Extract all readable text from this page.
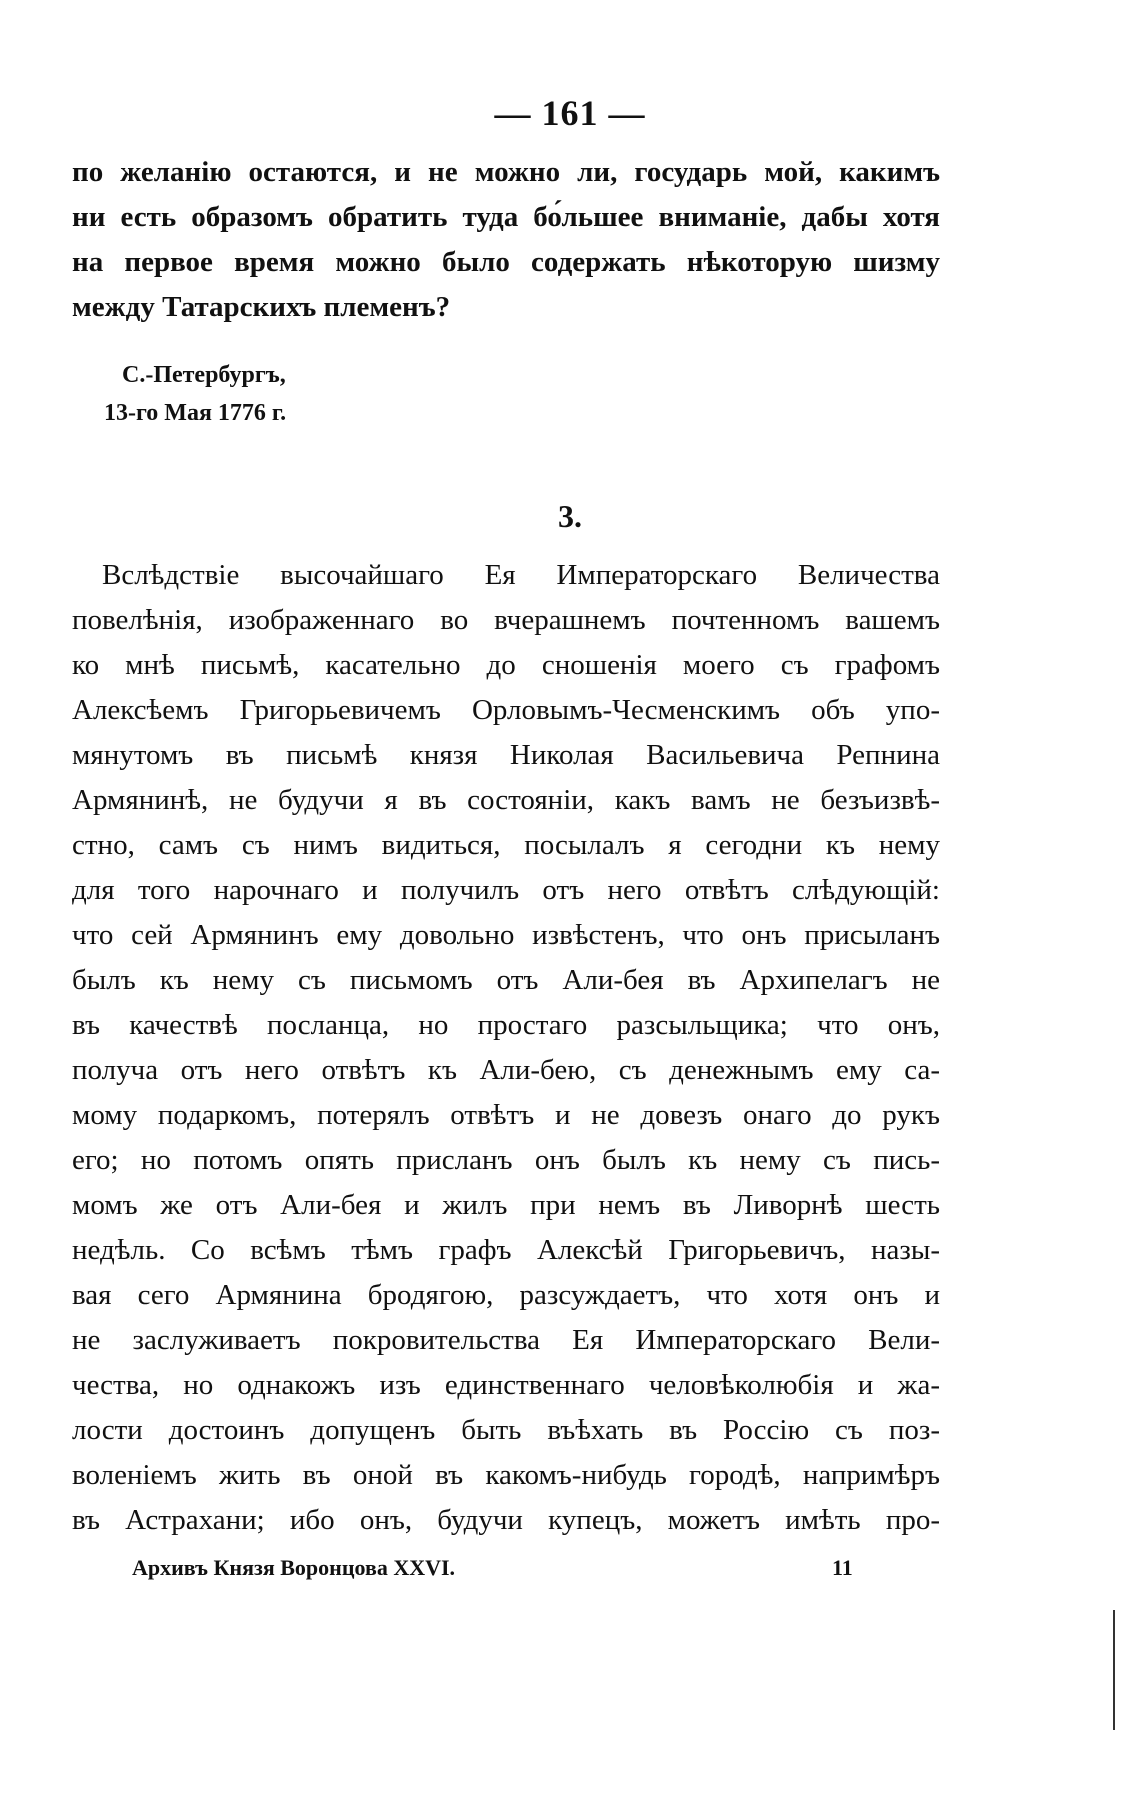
— 161 —
по желанію остаются, и не можно ли, государь мой, какимъ
ни есть образомъ обратить туда бо́льшее вниманіе, дабы хотя
на первое время можно было содержать нѣкоторую шизму
между Татарскихъ племенъ?
С.-Петербургъ,
13-го Мая 1776 г.
3.
Вслѣдствіе высочайшаго Ея Императорскаго Величества
повелѣнія, изображеннаго во вчерашнемъ почтенномъ вашемъ
ко мнѣ письмѣ, касательно до сношенія моего съ графомъ
Алексѣемъ Григорьевичемъ Орловымъ-Чесменскимъ объ упо-
мянутомъ въ письмѣ князя Николая Васильевича Репнина
Армянинѣ, не будучи я въ состояніи, какъ вамъ не безъизвѣ-
стно, самъ съ нимъ видиться, посылалъ я сегодни къ нему
для того нарочнаго и получилъ отъ него отвѣтъ слѣдующій:
что сей Армянинъ ему довольно извѣстенъ, что онъ присыланъ
былъ къ нему съ письмомъ отъ Али-бея въ Архипелагъ не
въ качествѣ посланца, но простаго разсыльщика; что онъ,
получа отъ него отвѣтъ къ Али-бею, съ денежнымъ ему са-
мому подаркомъ, потерялъ отвѣтъ и не довезъ онаго до рукъ
его; но потомъ опять присланъ онъ былъ къ нему съ пись-
момъ же отъ Али-бея и жилъ при немъ въ Ливорнѣ шесть
недѣль. Со всѣмъ тѣмъ графъ Алексѣй Григорьевичъ, назы-
вая сего Армянина бродягою, разсуждаетъ, что хотя онъ и
не заслуживаетъ покровительства Ея Императорскаго Вели-
чества, но однакожъ изъ единственнаго человѣколюбія и жа-
лости достоинъ допущенъ быть въѣхать въ Россію съ поз-
воленіемъ жить въ оной въ какомъ-нибудь городѣ, напримѣръ
въ Астрахани; ибо онъ, будучи купецъ, можетъ имѣть про-
Архивъ Князя Воронцова XXVI.	11
